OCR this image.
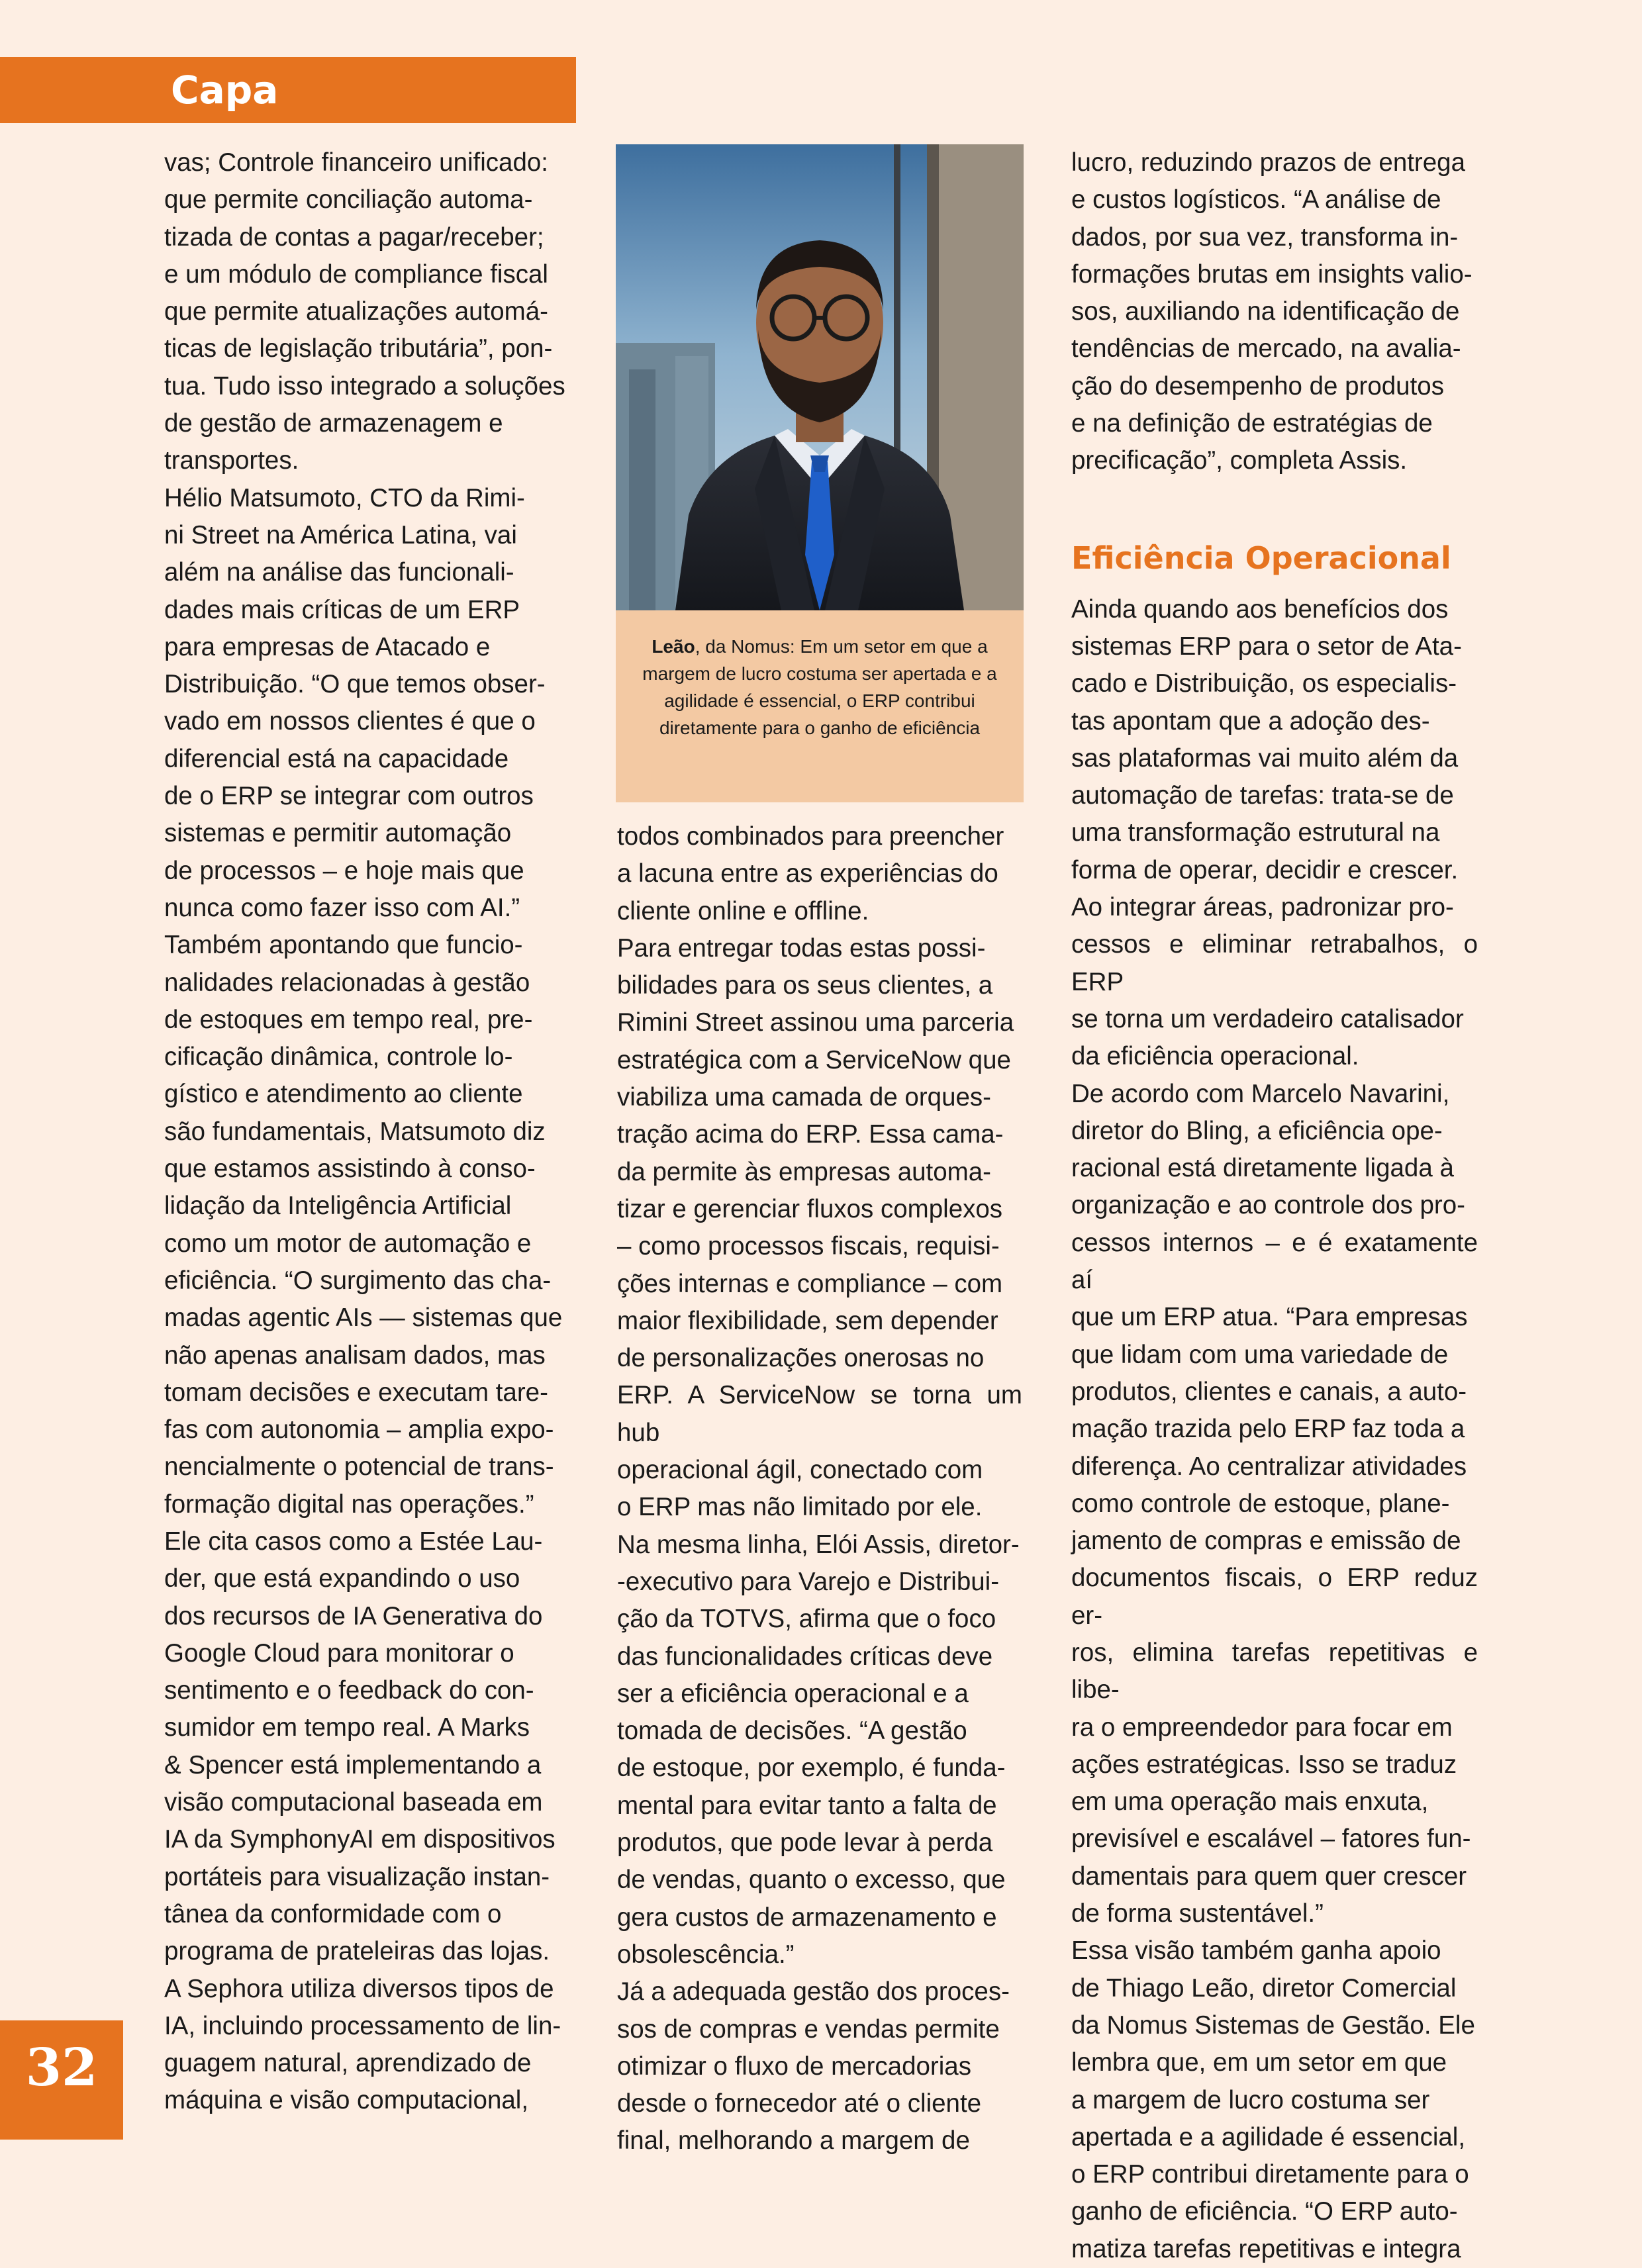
Capa

vas; Controle financeiro unificado:
que permite conciliação automa-
tizada de contas a pagar/receber;
e um módulo de compliance fiscal
que permite atualizações automá-
ticas de legislação tributária”, pon-
tua. Tudo isso integrado a soluções
de gestão de armazenagem e
transportes.

Hélio Matsumoto, CTO da Rimi-
ni Street na América Latina, vai
além na análise das funcionali-
dades mais críticas de um ERP
para empresas de Atacado e
Distribuição. “O que temos obser-
vado em nossos clientes é que o
diferencial está na capacidade
de o ERP se integrar com outros
sistemas e permitir automação
de processos – e hoje mais que
nunca como fazer isso com AI.”

Também apontando que funcio-
nalidades relacionadas à gestão
de estoques em tempo real, pre-
cificação dinâmica, controle lo-
gístico e atendimento ao cliente
são fundamentais, Matsumoto diz
que estamos assistindo à conso-
lidação da Inteligência Artificial
como um motor de automação e
eficiência. “O surgimento das cha-
madas agentic AIs — sistemas que
não apenas analisam dados, mas
tomam decisões e executam tare-
fas com autonomia – amplia expo-
nencialmente o potencial de trans-
formação digital nas operações.”

Ele cita casos como a Estée Lau-
der, que está expandindo o uso
dos recursos de IA Generativa do
Google Cloud para monitorar o
sentimento e o feedback do con-
sumidor em tempo real. A Marks
& Spencer está implementando a
visão computacional baseada em
IA da SymphonyAI em dispositivos
portáteis para visualização instan-
tânea da conformidade com o
programa de prateleiras das lojas.
A Sephora utiliza diversos tipos de
IA, incluindo processamento de lin-
guagem natural, aprendizado de
máquina e visão computacional,

Leão, da Nomus: Em um setor em que a margem de lucro costuma ser apertada e a agilidade é essencial, o ERP contribui diretamente para o ganho de eficiência

todos combinados para preencher
a lacuna entre as experiências do
cliente online e offline.

Para entregar todas estas possi-
bilidades para os seus clientes, a
Rimini Street assinou uma parceria
estratégica com a ServiceNow que
viabiliza uma camada de orques-
tração acima do ERP. Essa cama-
da permite às empresas automa-
tizar e gerenciar fluxos complexos
– como processos fiscais, requisi-
ções internas e compliance – com
maior flexibilidade, sem depender
de personalizações onerosas no
ERP. A ServiceNow se torna um hub
operacional ágil, conectado com
o ERP mas não limitado por ele.

Na mesma linha, Elói Assis, diretor-
-executivo para Varejo e Distribui-
ção da TOTVS, afirma que o foco
das funcionalidades críticas deve
ser a eficiência operacional e a
tomada de decisões. “A gestão
de estoque, por exemplo, é funda-
mental para evitar tanto a falta de
produtos, que pode levar à perda
de vendas, quanto o excesso, que
gera custos de armazenamento e
obsolescência.”

Já a adequada gestão dos proces-
sos de compras e vendas permite
otimizar o fluxo de mercadorias
desde o fornecedor até o cliente
final, melhorando a margem de

lucro, reduzindo prazos de entrega
e custos logísticos. “A análise de
dados, por sua vez, transforma in-
formações brutas em insights valio-
sos, auxiliando na identificação de
tendências de mercado, na avalia-
ção do desempenho de produtos
e na definição de estratégias de
precificação”, completa Assis.

Eficiência Operacional

Ainda quando aos benefícios dos
sistemas ERP para o setor de Ata-
cado e Distribuição, os especialis-
tas apontam que a adoção des-
sas plataformas vai muito além da
automação de tarefas: trata-se de
uma transformação estrutural na
forma de operar, decidir e crescer.
Ao integrar áreas, padronizar pro-
cessos e eliminar retrabalhos, o ERP
se torna um verdadeiro catalisador
da eficiência operacional.

De acordo com Marcelo Navarini,
diretor do Bling, a eficiência ope-
racional está diretamente ligada à
organização e ao controle dos pro-
cessos internos – e é exatamente aí
que um ERP atua. “Para empresas
que lidam com uma variedade de
produtos, clientes e canais, a auto-
mação trazida pelo ERP faz toda a
diferença. Ao centralizar atividades
como controle de estoque, plane-
jamento de compras e emissão de
documentos fiscais, o ERP reduz er-
ros, elimina tarefas repetitivas e libe-
ra o empreendedor para focar em
ações estratégicas. Isso se traduz
em uma operação mais enxuta,
previsível e escalável – fatores fun-
damentais para quem quer crescer
de forma sustentável.”

Essa visão também ganha apoio
de Thiago Leão, diretor Comercial
da Nomus Sistemas de Gestão. Ele
lembra que, em um setor em que
a margem de lucro costuma ser
apertada e a agilidade é essencial,
o ERP contribui diretamente para o
ganho de eficiência. “O ERP auto-
matiza tarefas repetitivas e integra

32
